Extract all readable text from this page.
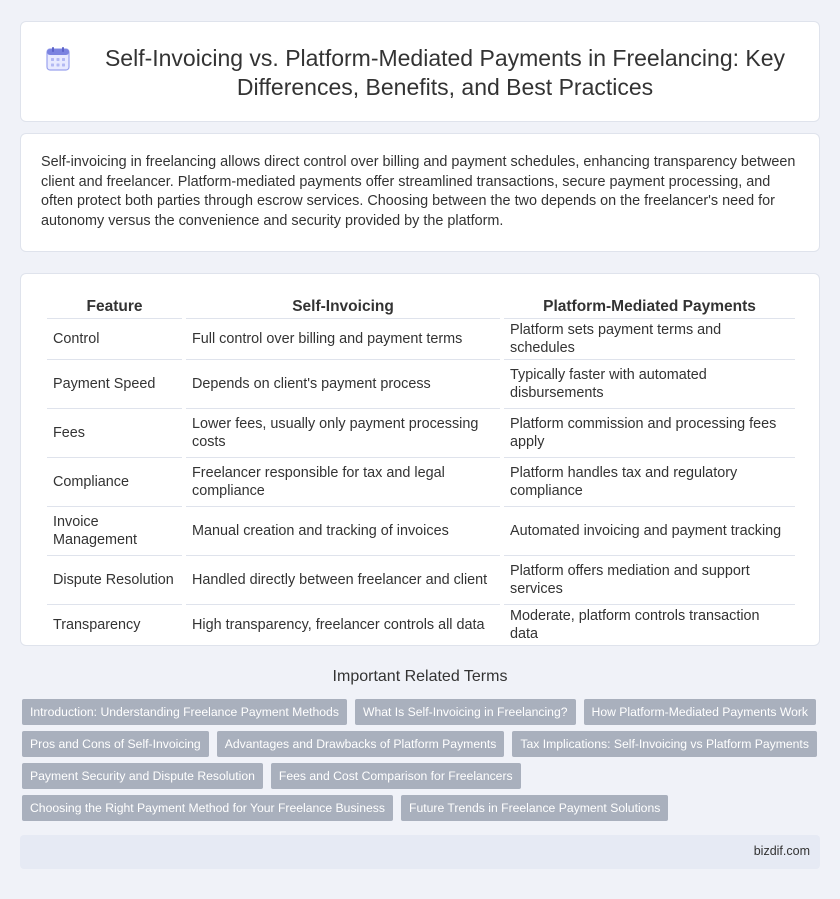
Self-Invoicing vs. Platform-Mediated Payments in Freelancing: Key Differences, Benefits, and Best Practices

Self-invoicing in freelancing allows direct control over billing and payment schedules, enhancing transparency between client and freelancer. Platform-mediated payments offer streamlined transactions, secure payment processing, and often protect both parties through escrow services. Choosing between the two depends on the freelancer's need for autonomy versus the convenience and security provided by the platform.

Feature	Self-Invoicing	Platform-Mediated Payments
Control	Full control over billing and payment terms	Platform sets payment terms and schedules
Payment Speed	Depends on client's payment process	Typically faster with automated disbursements
Fees	Lower fees, usually only payment processing costs	Platform commission and processing fees apply
Compliance	Freelancer responsible for tax and legal compliance	Platform handles tax and regulatory compliance
Invoice Management	Manual creation and tracking of invoices	Automated invoicing and payment tracking
Dispute Resolution	Handled directly between freelancer and client	Platform offers mediation and support services
Transparency	High transparency, freelancer controls all data	Moderate, platform controls transaction data
Important Related Terms
Introduction: Understanding Freelance Payment Methods	What Is Self-Invoicing in Freelancing?	How Platform-Mediated Payments Work
Pros and Cons of Self-Invoicing	Advantages and Drawbacks of Platform Payments	Tax Implications: Self-Invoicing vs Platform Payments
Payment Security and Dispute Resolution	Fees and Cost Comparison for Freelancers
Choosing the Right Payment Method for Your Freelance Business	Future Trends in Freelance Payment Solutions
bizdif.com
